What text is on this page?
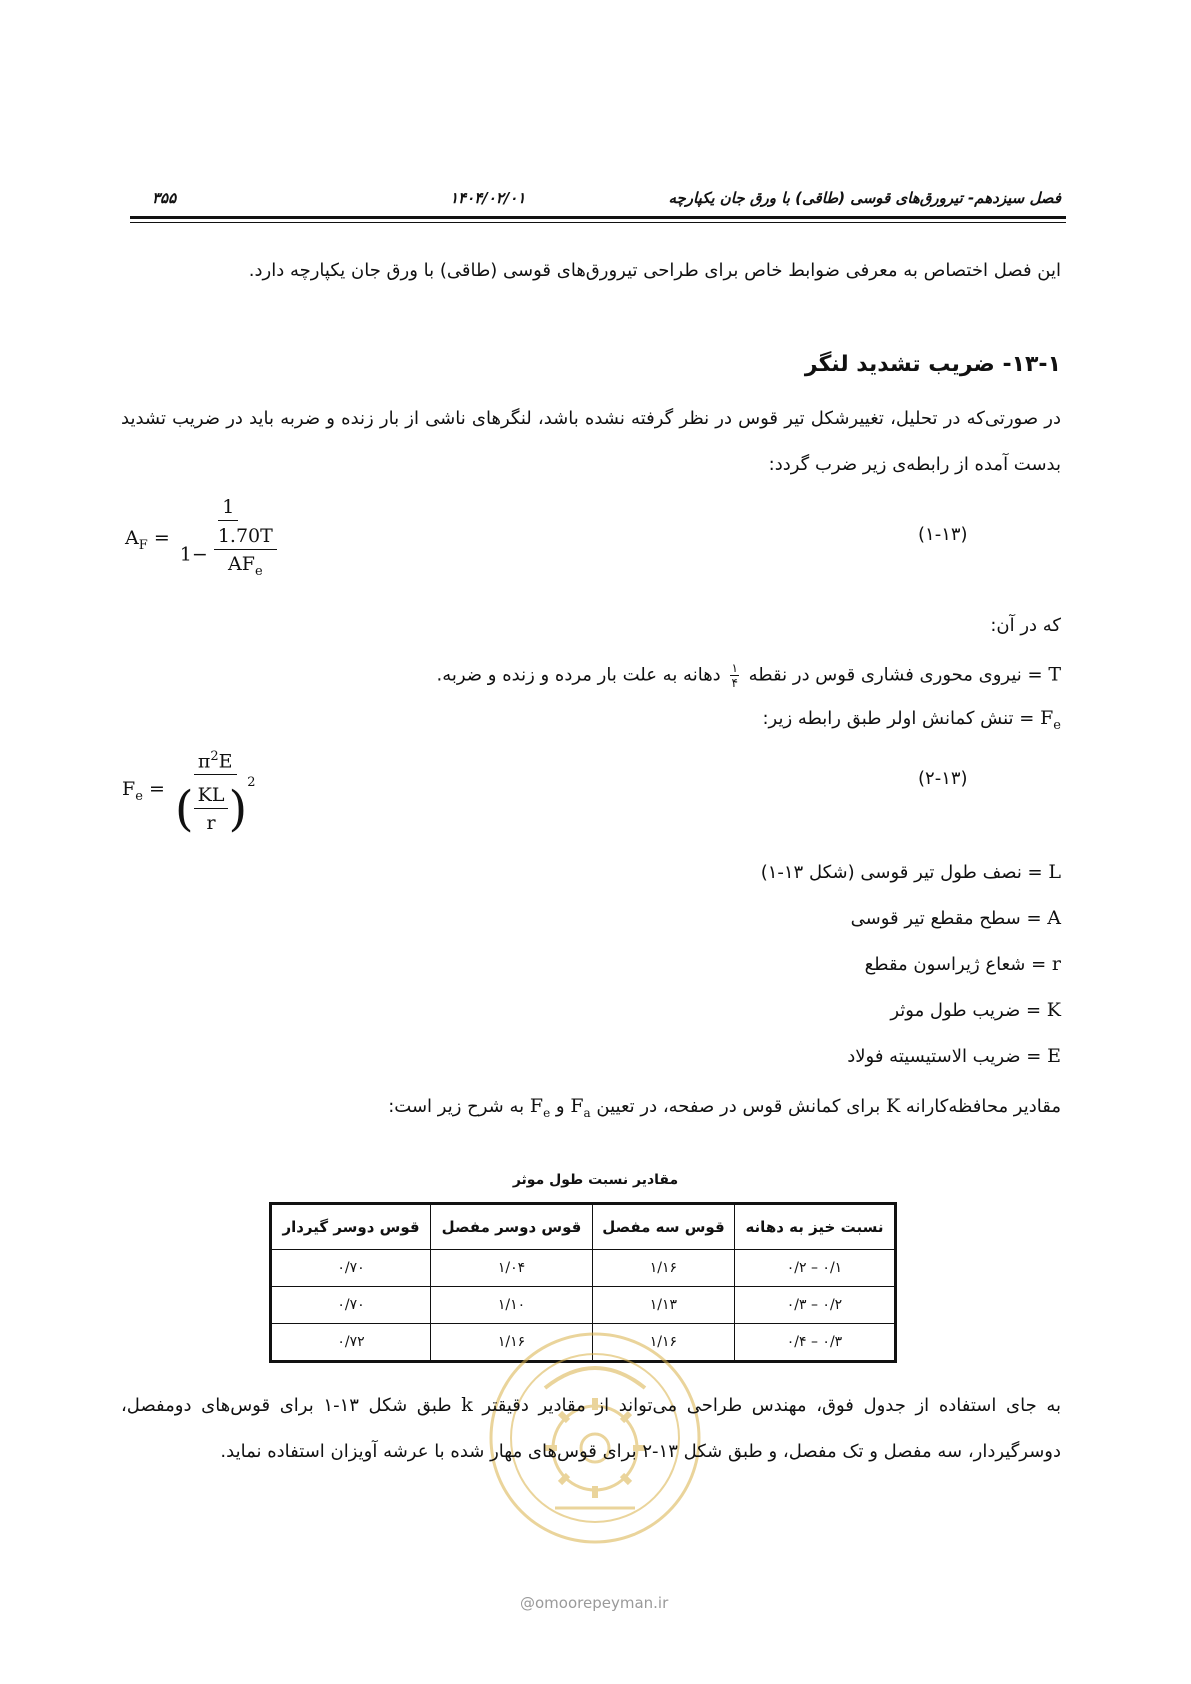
فصل سیزدهم- تیرورق‌های قوسی (طاقی) با ورق جان یکپارچه
۱۴۰۴/۰۲/۰۱
۳۵۵
این فصل اختصاص به معرفی ضوابط خاص برای طراحی تیرورق‌های قوسی (طاقی) با ورق جان یکپارچه دارد.
۱۳-۱- ضریب تشدید لنگر
در صورتی‌که در تحلیل، تغییرشکل تیر قوس در نظر گرفته نشده باشد، لنگرهای ناشی از بار زنده و ضربه باید در ضریب تشدید بدست آمده از رابطه‌ی زیر ضرب گردد:
$A_F = \frac{1}{1- \frac{1.70T}{AF_e}}$	(۱-۱۳)
که در آن:
T = نیروی محوری فشاری قوس در نقطه
$\frac{۱}{۴}$
دهانه به علت بار مرده و زنده و ضربه.
$F_e$ = تنش کمانش اولر طبق رابطه زیر:
$F_e = \frac{\pi^2E}{( \frac{KL}{r} )^2}$	(۲-۱۳)
L = نصف طول تیر قوسی (شکل ۱۳-۱)
A = سطح مقطع تیر قوسی
r = شعاع ژیراسون مقطع
K = ضریب طول موثر
E = ضریب الاستیسیته فولاد
مقادیر محافظه‌کارانه K برای کمانش قوس در صفحه، در تعیین $F_a$ و $F_e$ به شرح زیر است:
مقادیر نسبت طول موثر
نسبت خیز به دهانه	قوس سه مفصل	قوس دوسر مفصل	قوس دوسر گیردار
۰/۱ – ۰/۲	۱/۱۶	۱/۰۴	۰/۷۰
۰/۲ – ۰/۳	۱/۱۳	۱/۱۰	۰/۷۰
۰/۳ – ۰/۴	۱/۱۶	۱/۱۶	۰/۷۲
@omoorepeyman.ir
به جای استفاده از جدول فوق، مهندس طراحی می‌تواند از مقادیر دقیقتر k طبق شکل ۱۳-۱ برای قوس‌های دومفصل، دوسرگیردار، سه مفصل و تک مفصل، و طبق شکل ۱۳-۲ برای قوس‌های مهار شده با عرشه آویزان استفاده نماید.
